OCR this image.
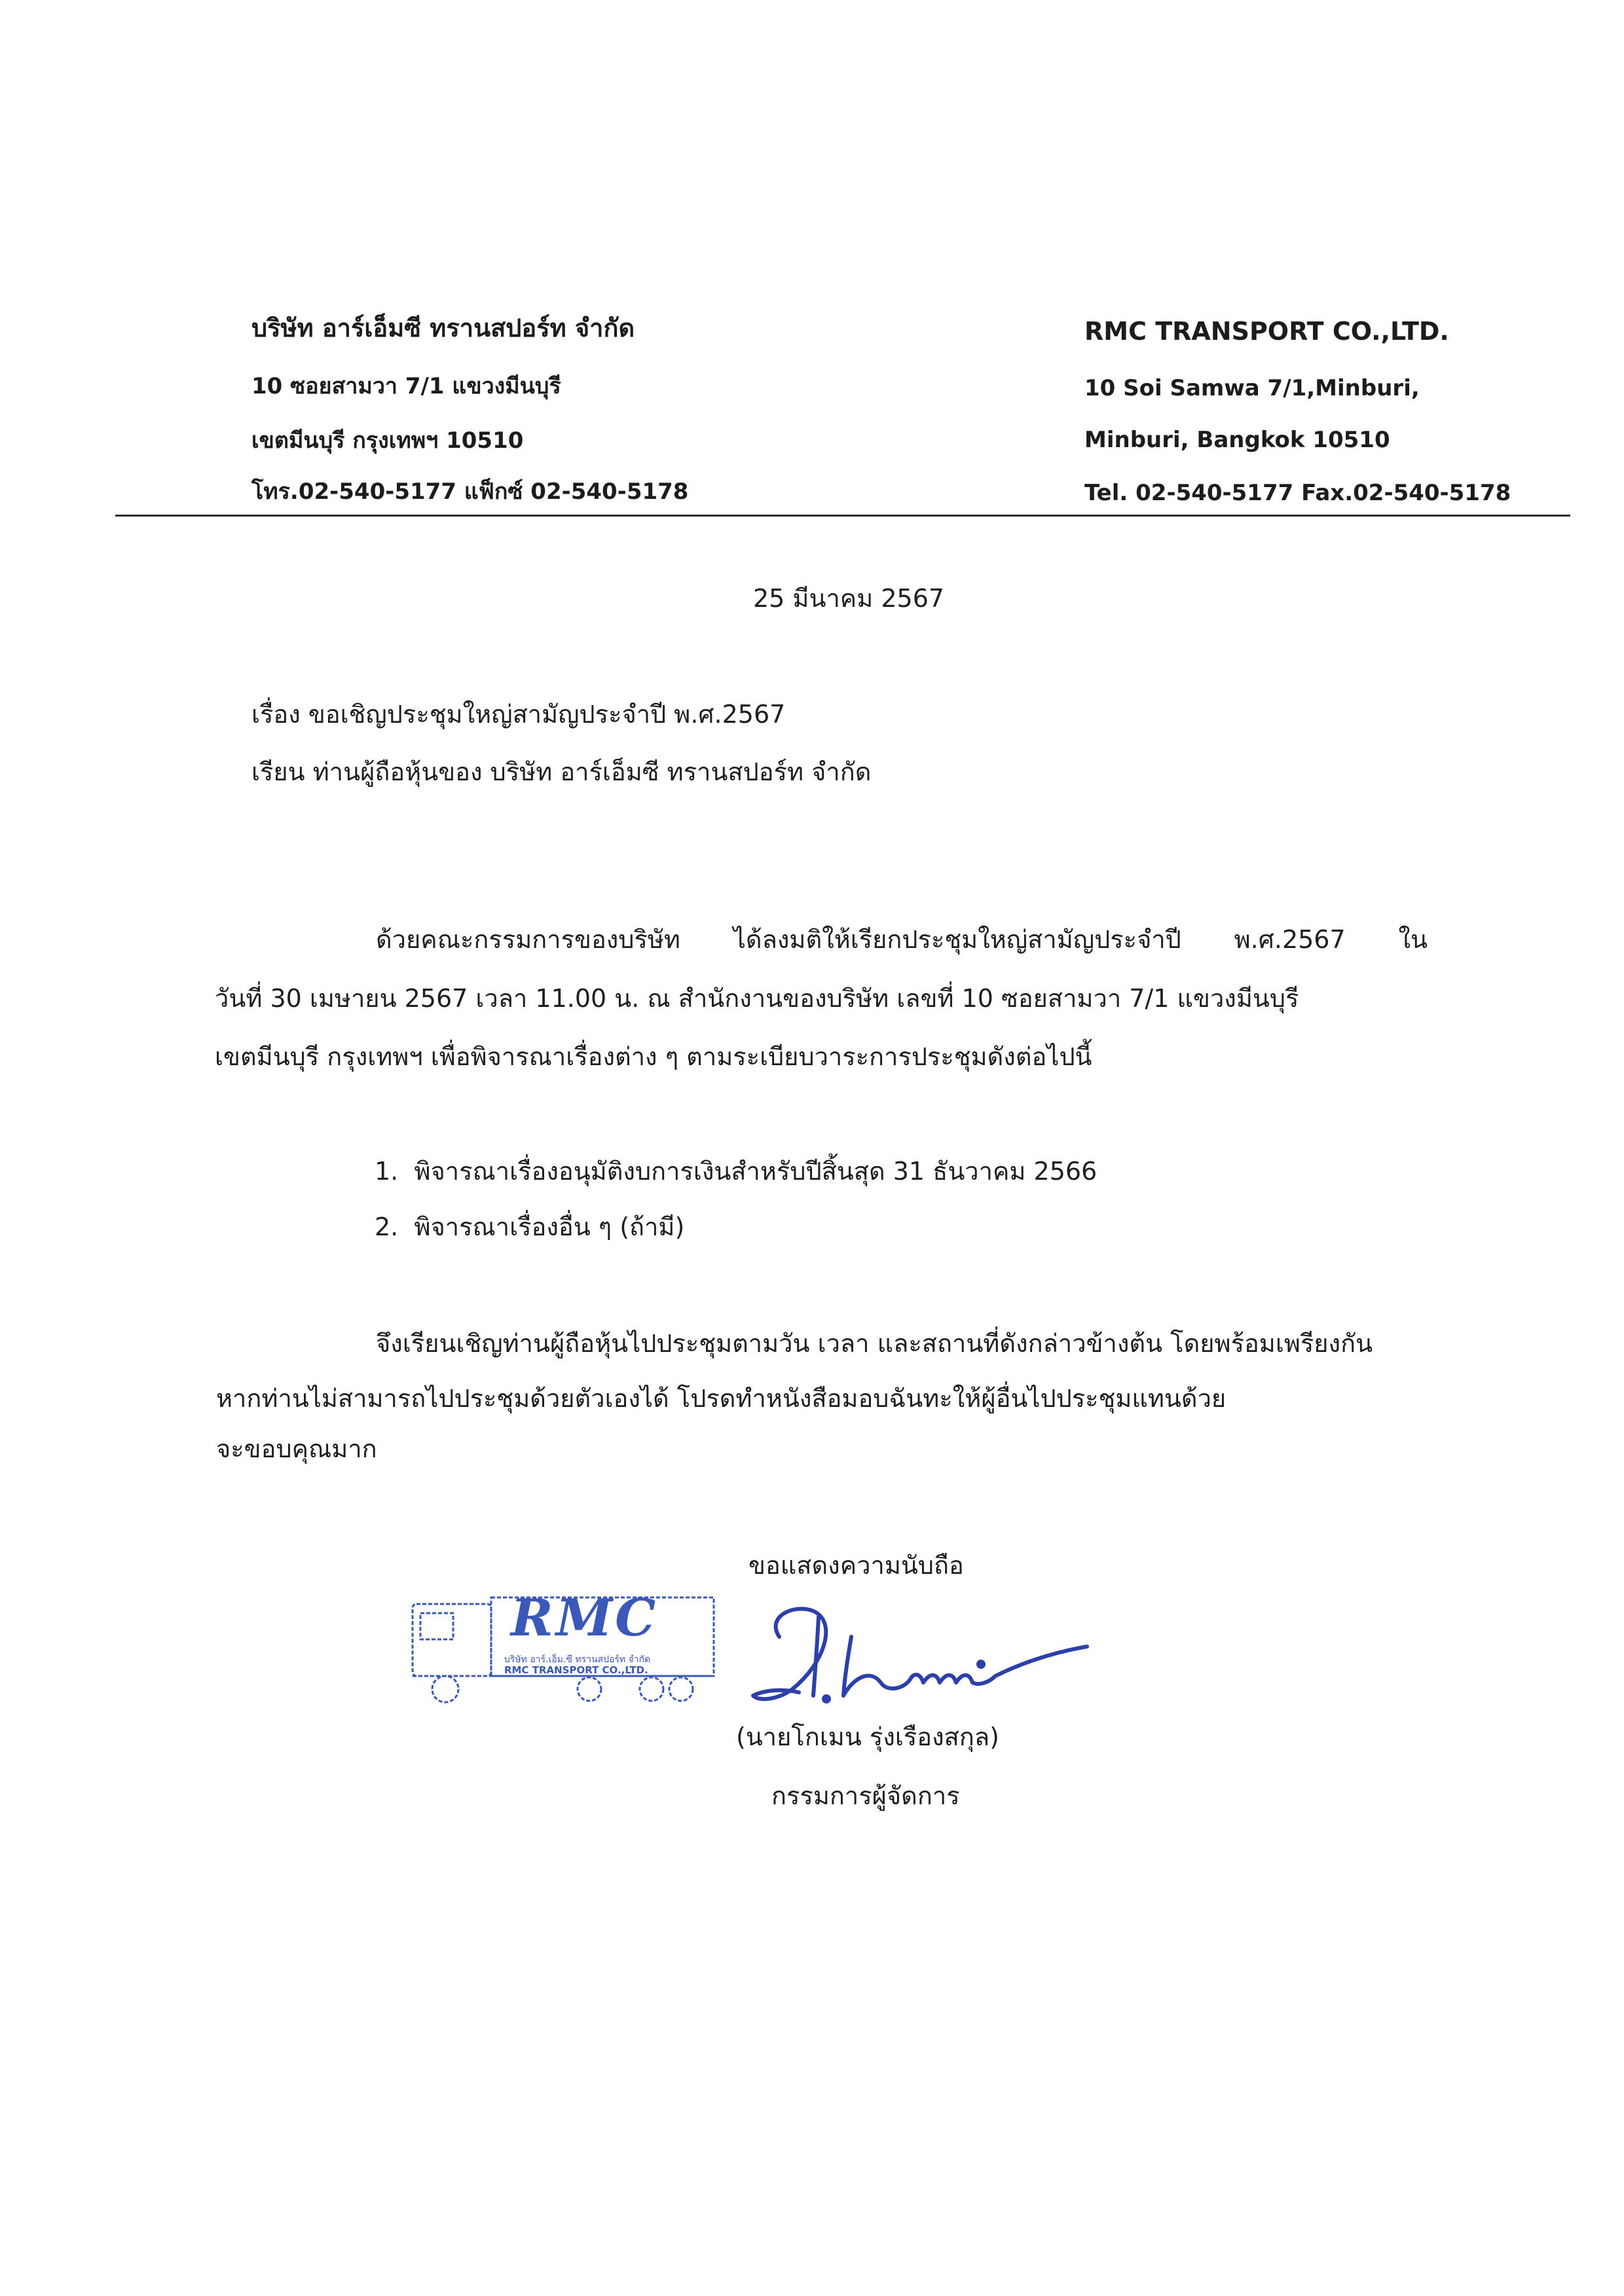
บริษัท อาร์เอ็มซี ทรานสปอร์ท จำกัด
10 ซอยสามวา 7/1 แขวงมีนบุรี
เขตมีนบุรี กรุงเทพฯ 10510
โทร.02-540-5177 แฟ็กซ์ 02-540-5178
RMC TRANSPORT CO.,LTD.
10 Soi Samwa 7/1,Minburi,
Minburi, Bangkok 10510
Tel. 02-540-5177 Fax.02-540-5178
25 มีนาคม 2567
เรื่อง ขอเชิญประชุมใหญ่สามัญประจำปี พ.ศ.2567
เรียน ท่านผู้ถือหุ้นของ บริษัท อาร์เอ็มซี ทรานสปอร์ท จำกัด
ด้วยคณะกรรมการของบริษัท ได้ลงมติให้เรียกประชุมใหญ่สามัญประจำปี พ.ศ.2567 ใน
วันที่ 30 เมษายน 2567 เวลา 11.00 น. ณ สำนักงานของบริษัท เลขที่ 10 ซอยสามวา 7/1 แขวงมีนบุรี
เขตมีนบุรี กรุงเทพฯ เพื่อพิจารณาเรื่องต่าง ๆ ตามระเบียบวาระการประชุมดังต่อไปนี้
1. พิจารณาเรื่องอนุมัติงบการเงินสำหรับปีสิ้นสุด 31 ธันวาคม 2566
2. พิจารณาเรื่องอื่น ๆ (ถ้ามี)
จึงเรียนเชิญท่านผู้ถือหุ้นไปประชุมตามวัน เวลา และสถานที่ดังกล่าวข้างต้น โดยพร้อมเพรียงกัน
หากท่านไม่สามารถไปประชุมด้วยตัวเองได้ โปรดทำหนังสือมอบฉันทะให้ผู้อื่นไปประชุมแทนด้วย
จะขอบคุณมาก
ขอแสดงความนับถือ
RMC
บริษัท อาร์.เอ็ม.ซี ทรานสปอร์ท จำกัด
RMC TRANSPORT CO.,LTD.
(นายโกเมน รุ่งเรืองสกุล)
กรรมการผู้จัดการ
